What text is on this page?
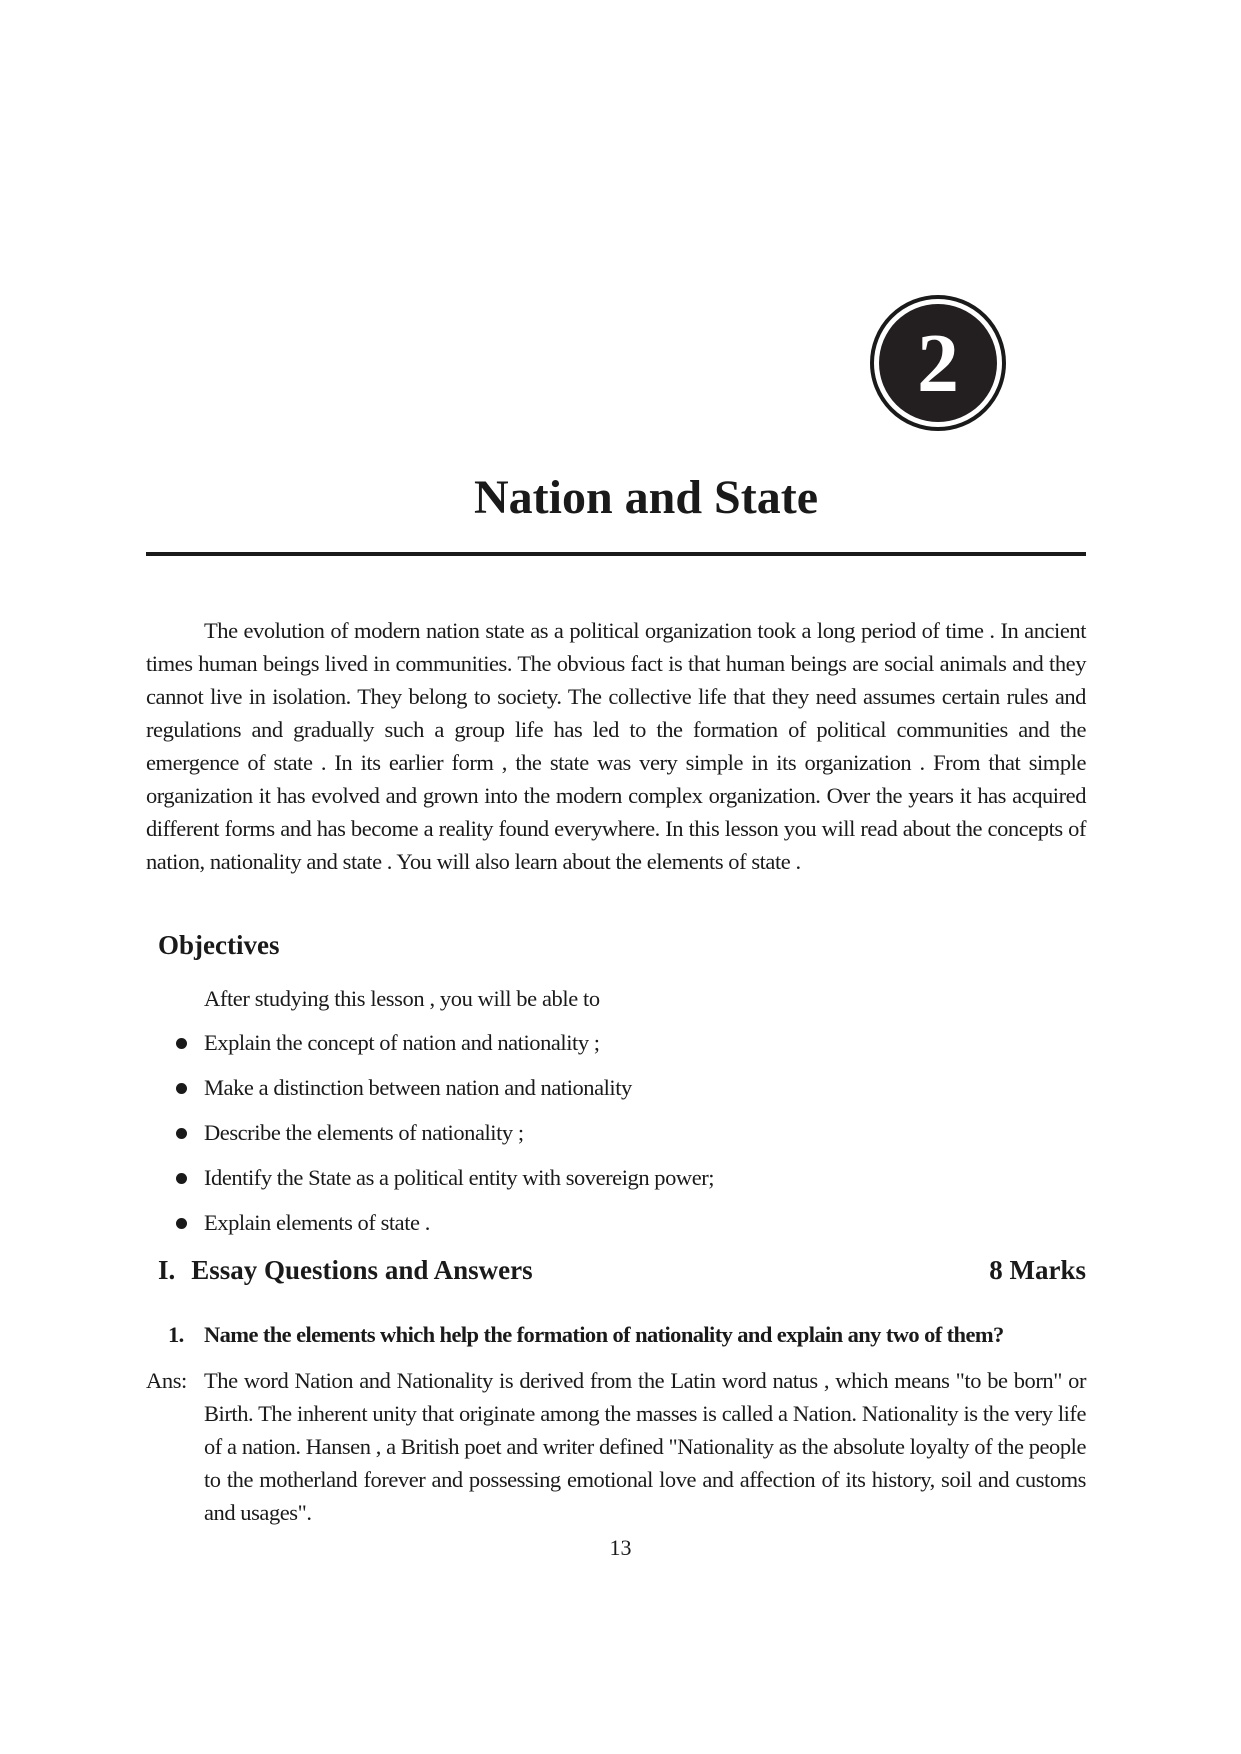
2
Nation and State

The evolution of modern nation state as a political organization took a long period of time . In ancient times human beings lived in communities. The obvious fact is that human beings are social animals and they cannot live in isolation. They belong to society. The collective life that they need assumes certain rules and regulations and gradually such a group life has led to the formation of political communities and the emergence of state . In its earlier form , the state was very simple in its organization . From that simple organization it has evolved and grown into the modern complex organization. Over the years it has acquired different forms and has become a reality found everywhere. In this lesson you will read about the concepts of nation, nationality and state . You will also learn about the elements of state .

Objectives

After studying this lesson , you will be able to

Explain the concept of nation and nationality ;
Make a distinction between nation and nationality
Describe the elements of nationality ;
Identify the State as a political entity with sovereign power;
Explain elements of state .
I. Essay Questions and Answers	8 Marks

1. Name the elements which help the formation of nationality and explain any two of them?

Ans: The word Nation and Nationality is derived from the Latin word natus , which means "to be born" or Birth. The inherent unity that originate among the masses is called a Nation. Nationality is the very life of a nation. Hansen , a British poet and writer defined "Nationality as the absolute loyalty of the people to the motherland forever and possessing emotional love and affection of its history, soil and customs and usages".

13
